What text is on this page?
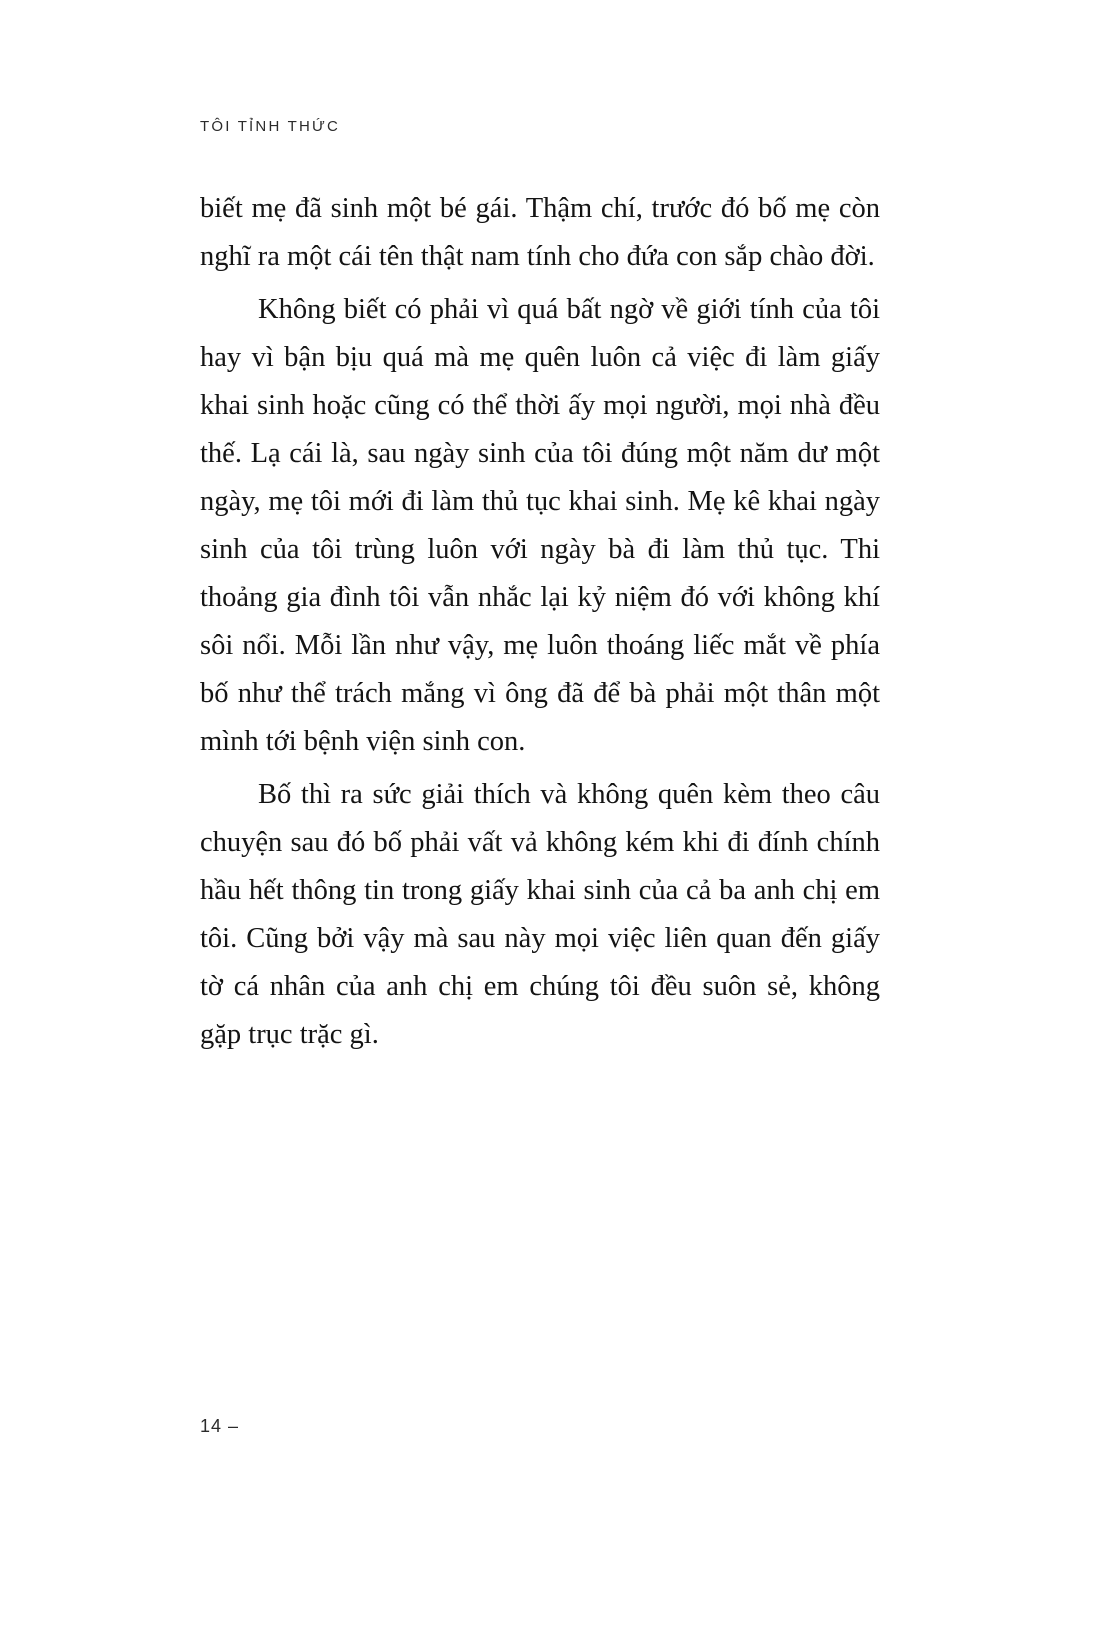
TÔI TỈNH THỨC

biết mẹ đã sinh một bé gái. Thậm chí, trước đó bố mẹ còn nghĩ ra một cái tên thật nam tính cho đứa con sắp chào đời.

Không biết có phải vì quá bất ngờ về giới tính của tôi hay vì bận bịu quá mà mẹ quên luôn cả việc đi làm giấy khai sinh hoặc cũng có thể thời ấy mọi người, mọi nhà đều thế. Lạ cái là, sau ngày sinh của tôi đúng một năm dư một ngày, mẹ tôi mới đi làm thủ tục khai sinh. Mẹ kê khai ngày sinh của tôi trùng luôn với ngày bà đi làm thủ tục. Thi thoảng gia đình tôi vẫn nhắc lại kỷ niệm đó với không khí sôi nổi. Mỗi lần như vậy, mẹ luôn thoáng liếc mắt về phía bố như thể trách mắng vì ông đã để bà phải một thân một mình tới bệnh viện sinh con.

Bố thì ra sức giải thích và không quên kèm theo câu chuyện sau đó bố phải vất vả không kém khi đi đính chính hầu hết thông tin trong giấy khai sinh của cả ba anh chị em tôi. Cũng bởi vậy mà sau này mọi việc liên quan đến giấy tờ cá nhân của anh chị em chúng tôi đều suôn sẻ, không gặp trục trặc gì.

14 –
